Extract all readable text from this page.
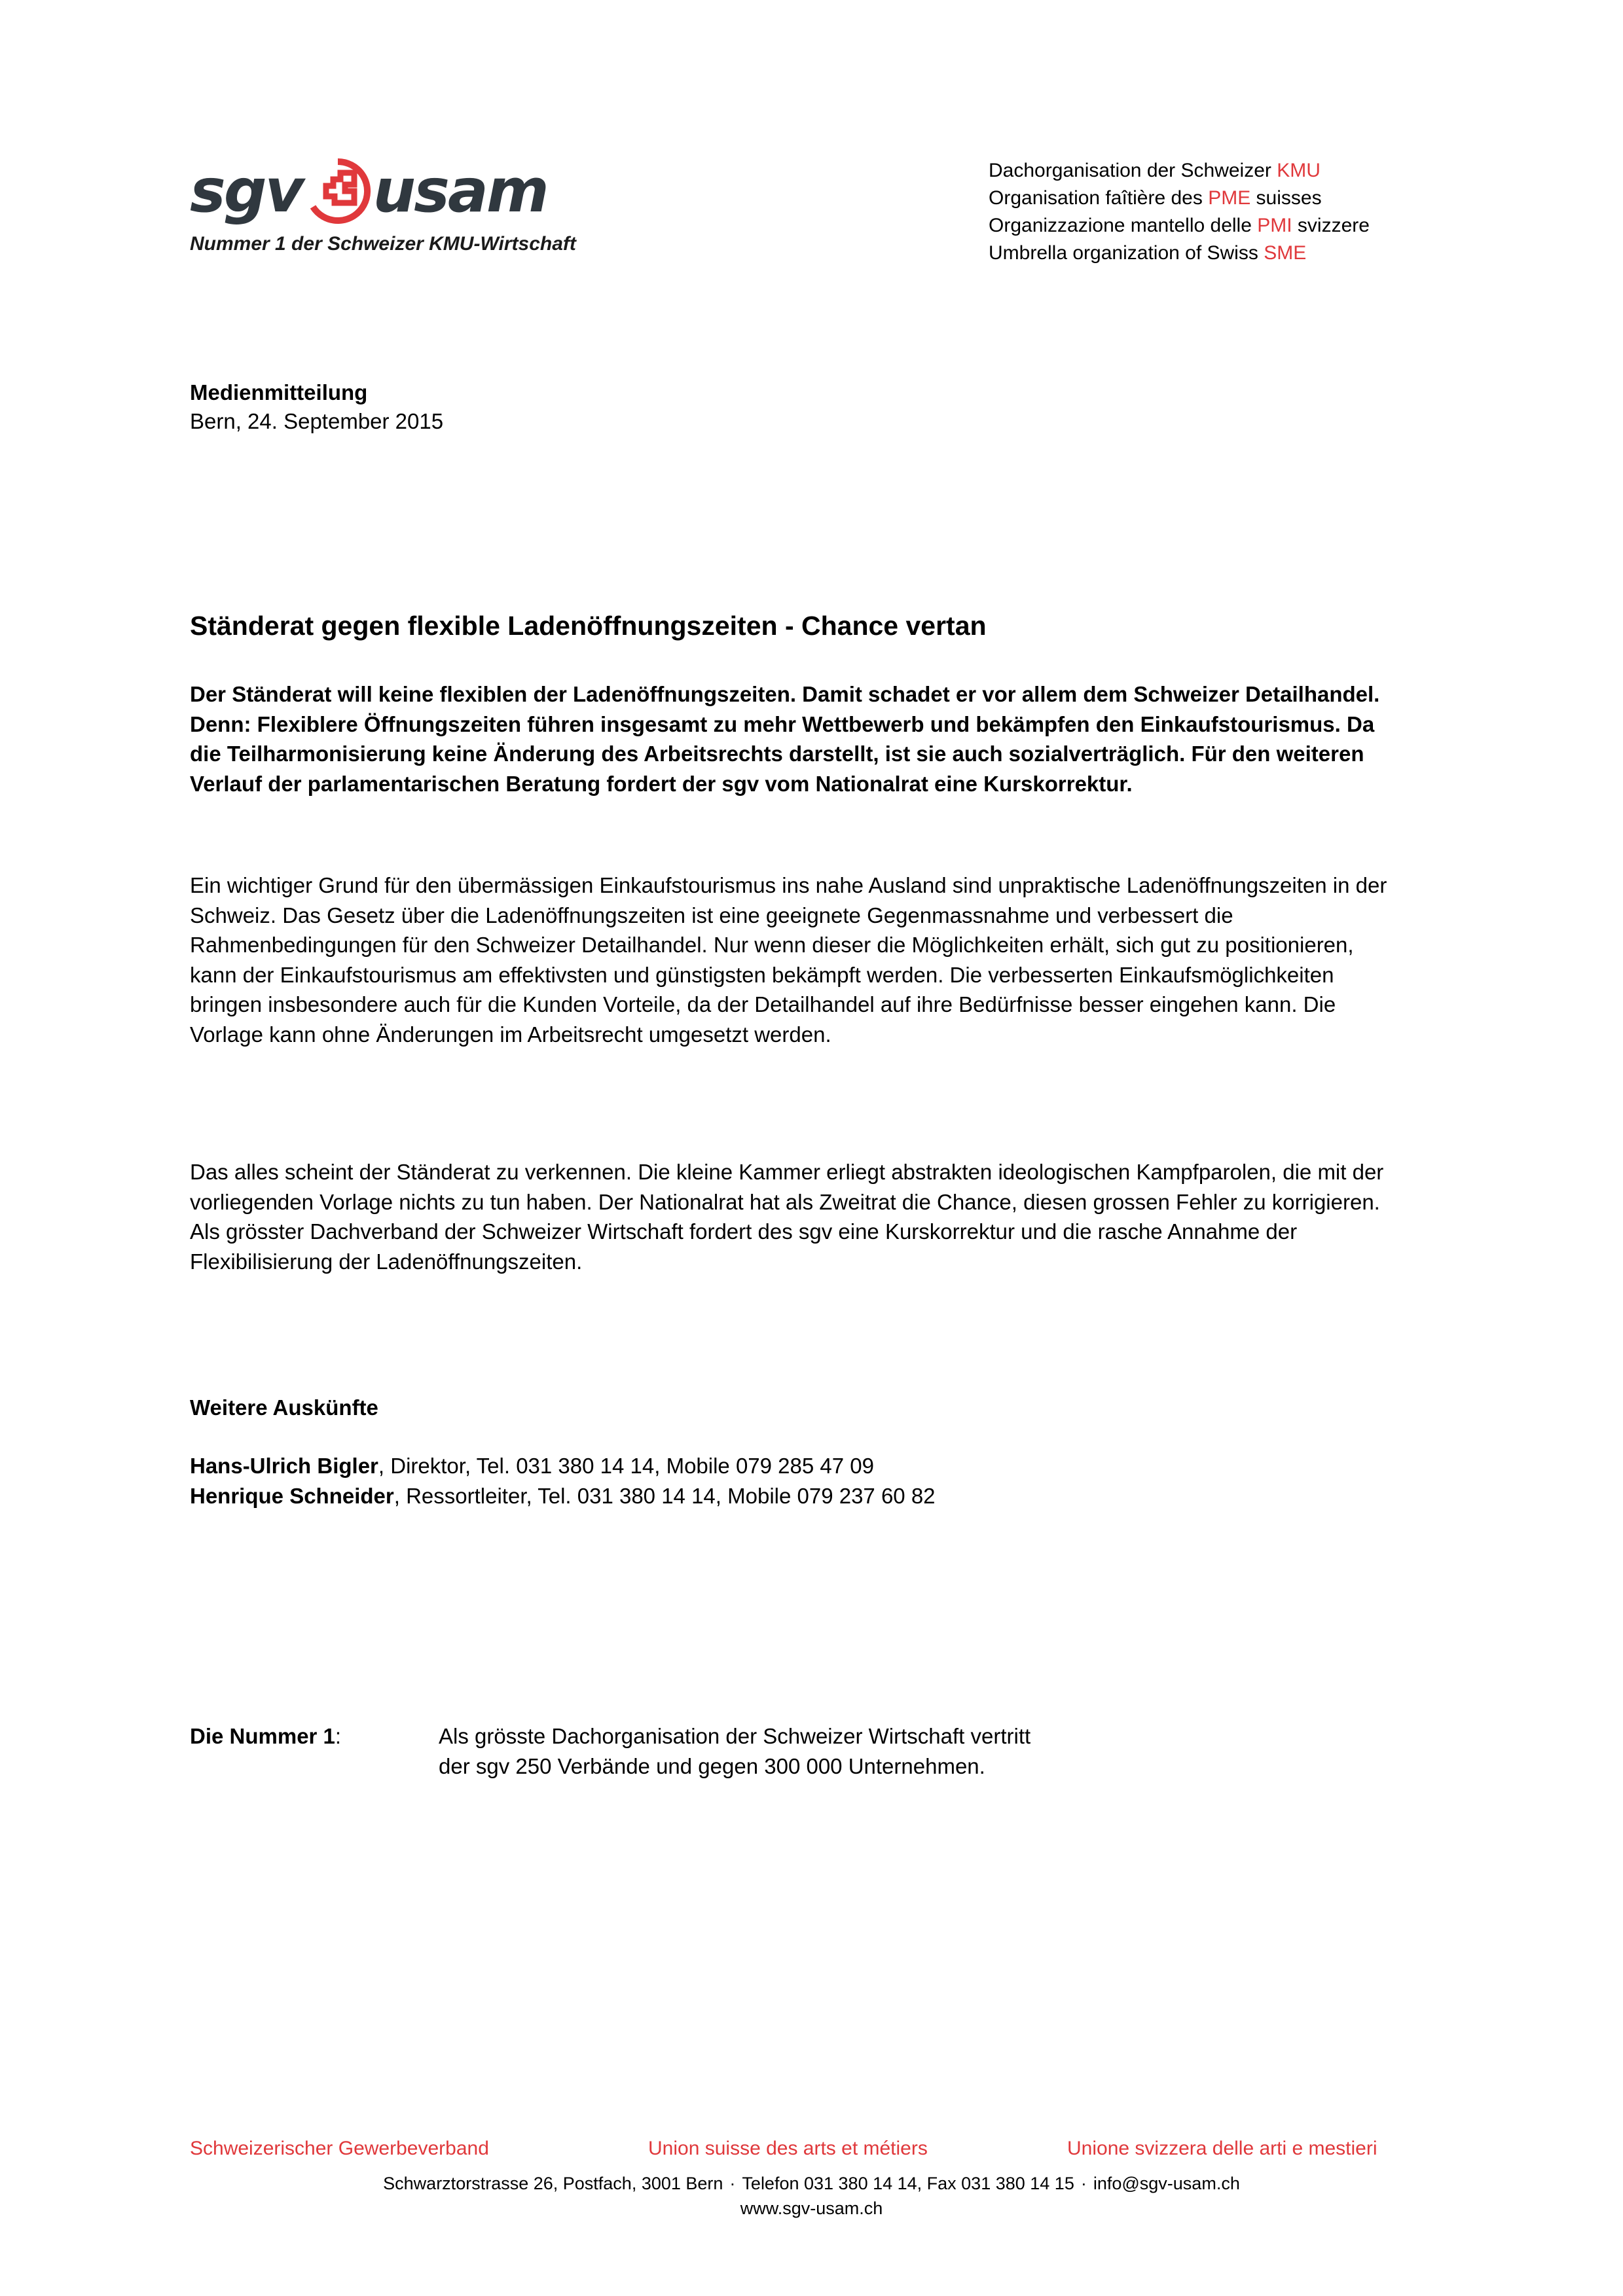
sgv usam
Nummer 1 der Schweizer KMU-Wirtschaft
Dachorganisation der Schweizer KMU
Organisation faîtière des PME suisses
Organizzazione mantello delle PMI svizzere
Umbrella organization of Swiss SME
Medienmitteilung
Bern, 24. September 2015
Ständerat gegen flexible Ladenöffnungszeiten - Chance vertan
Der Ständerat will keine flexiblen der Ladenöffnungszeiten. Damit schadet er vor allem dem Schweizer Detailhandel. Denn: Flexiblere Öffnungszeiten führen insgesamt zu mehr Wettbewerb und bekämpfen den Einkaufstourismus. Da die Teilharmonisierung keine Änderung des Arbeitsrechts darstellt, ist sie auch sozialverträglich. Für den weiteren Verlauf der parlamentarischen Beratung fordert der sgv vom Nationalrat eine Kurskorrektur.
Ein wichtiger Grund für den übermässigen Einkaufstourismus ins nahe Ausland sind unpraktische Ladenöffnungszeiten in der Schweiz. Das Gesetz über die Ladenöffnungszeiten ist eine geeignete Gegenmassnahme und verbessert die Rahmenbedingungen für den Schweizer Detailhandel. Nur wenn dieser die Möglichkeiten erhält, sich gut zu positionieren, kann der Einkaufstourismus am effektivsten und günstigsten bekämpft werden. Die verbesserten Einkaufsmöglichkeiten bringen insbesondere auch für die Kunden Vorteile, da der Detailhandel auf ihre Bedürfnisse besser eingehen kann. Die Vorlage kann ohne Änderungen im Arbeitsrecht umgesetzt werden.
Das alles scheint der Ständerat zu verkennen. Die kleine Kammer erliegt abstrakten ideologischen Kampfparolen, die mit der vorliegenden Vorlage nichts zu tun haben. Der Nationalrat hat als Zweitrat die Chance, diesen grossen Fehler zu korrigieren. Als grösster Dachverband der Schweizer Wirtschaft fordert des sgv eine Kurskorrektur und die rasche Annahme der Flexibilisierung der Ladenöffnungszeiten.
Weitere Auskünfte
Hans-Ulrich Bigler, Direktor, Tel. 031 380 14 14, Mobile 079 285 47 09
Henrique Schneider, Ressortleiter, Tel. 031 380 14 14, Mobile 079 237 60 82
Die Nummer 1:	Als grösste Dachorganisation der Schweizer Wirtschaft vertritt
der sgv 250 Verbände und gegen 300 000 Unternehmen.
Schweizerischer Gewerbeverband	Union suisse des arts et métiers	Unione svizzera delle arti e mestieri
Schwarztorstrasse 26, Postfach, 3001 Bern · Telefon 031 380 14 14, Fax 031 380 14 15 · info@sgv-usam.ch
www.sgv-usam.ch
